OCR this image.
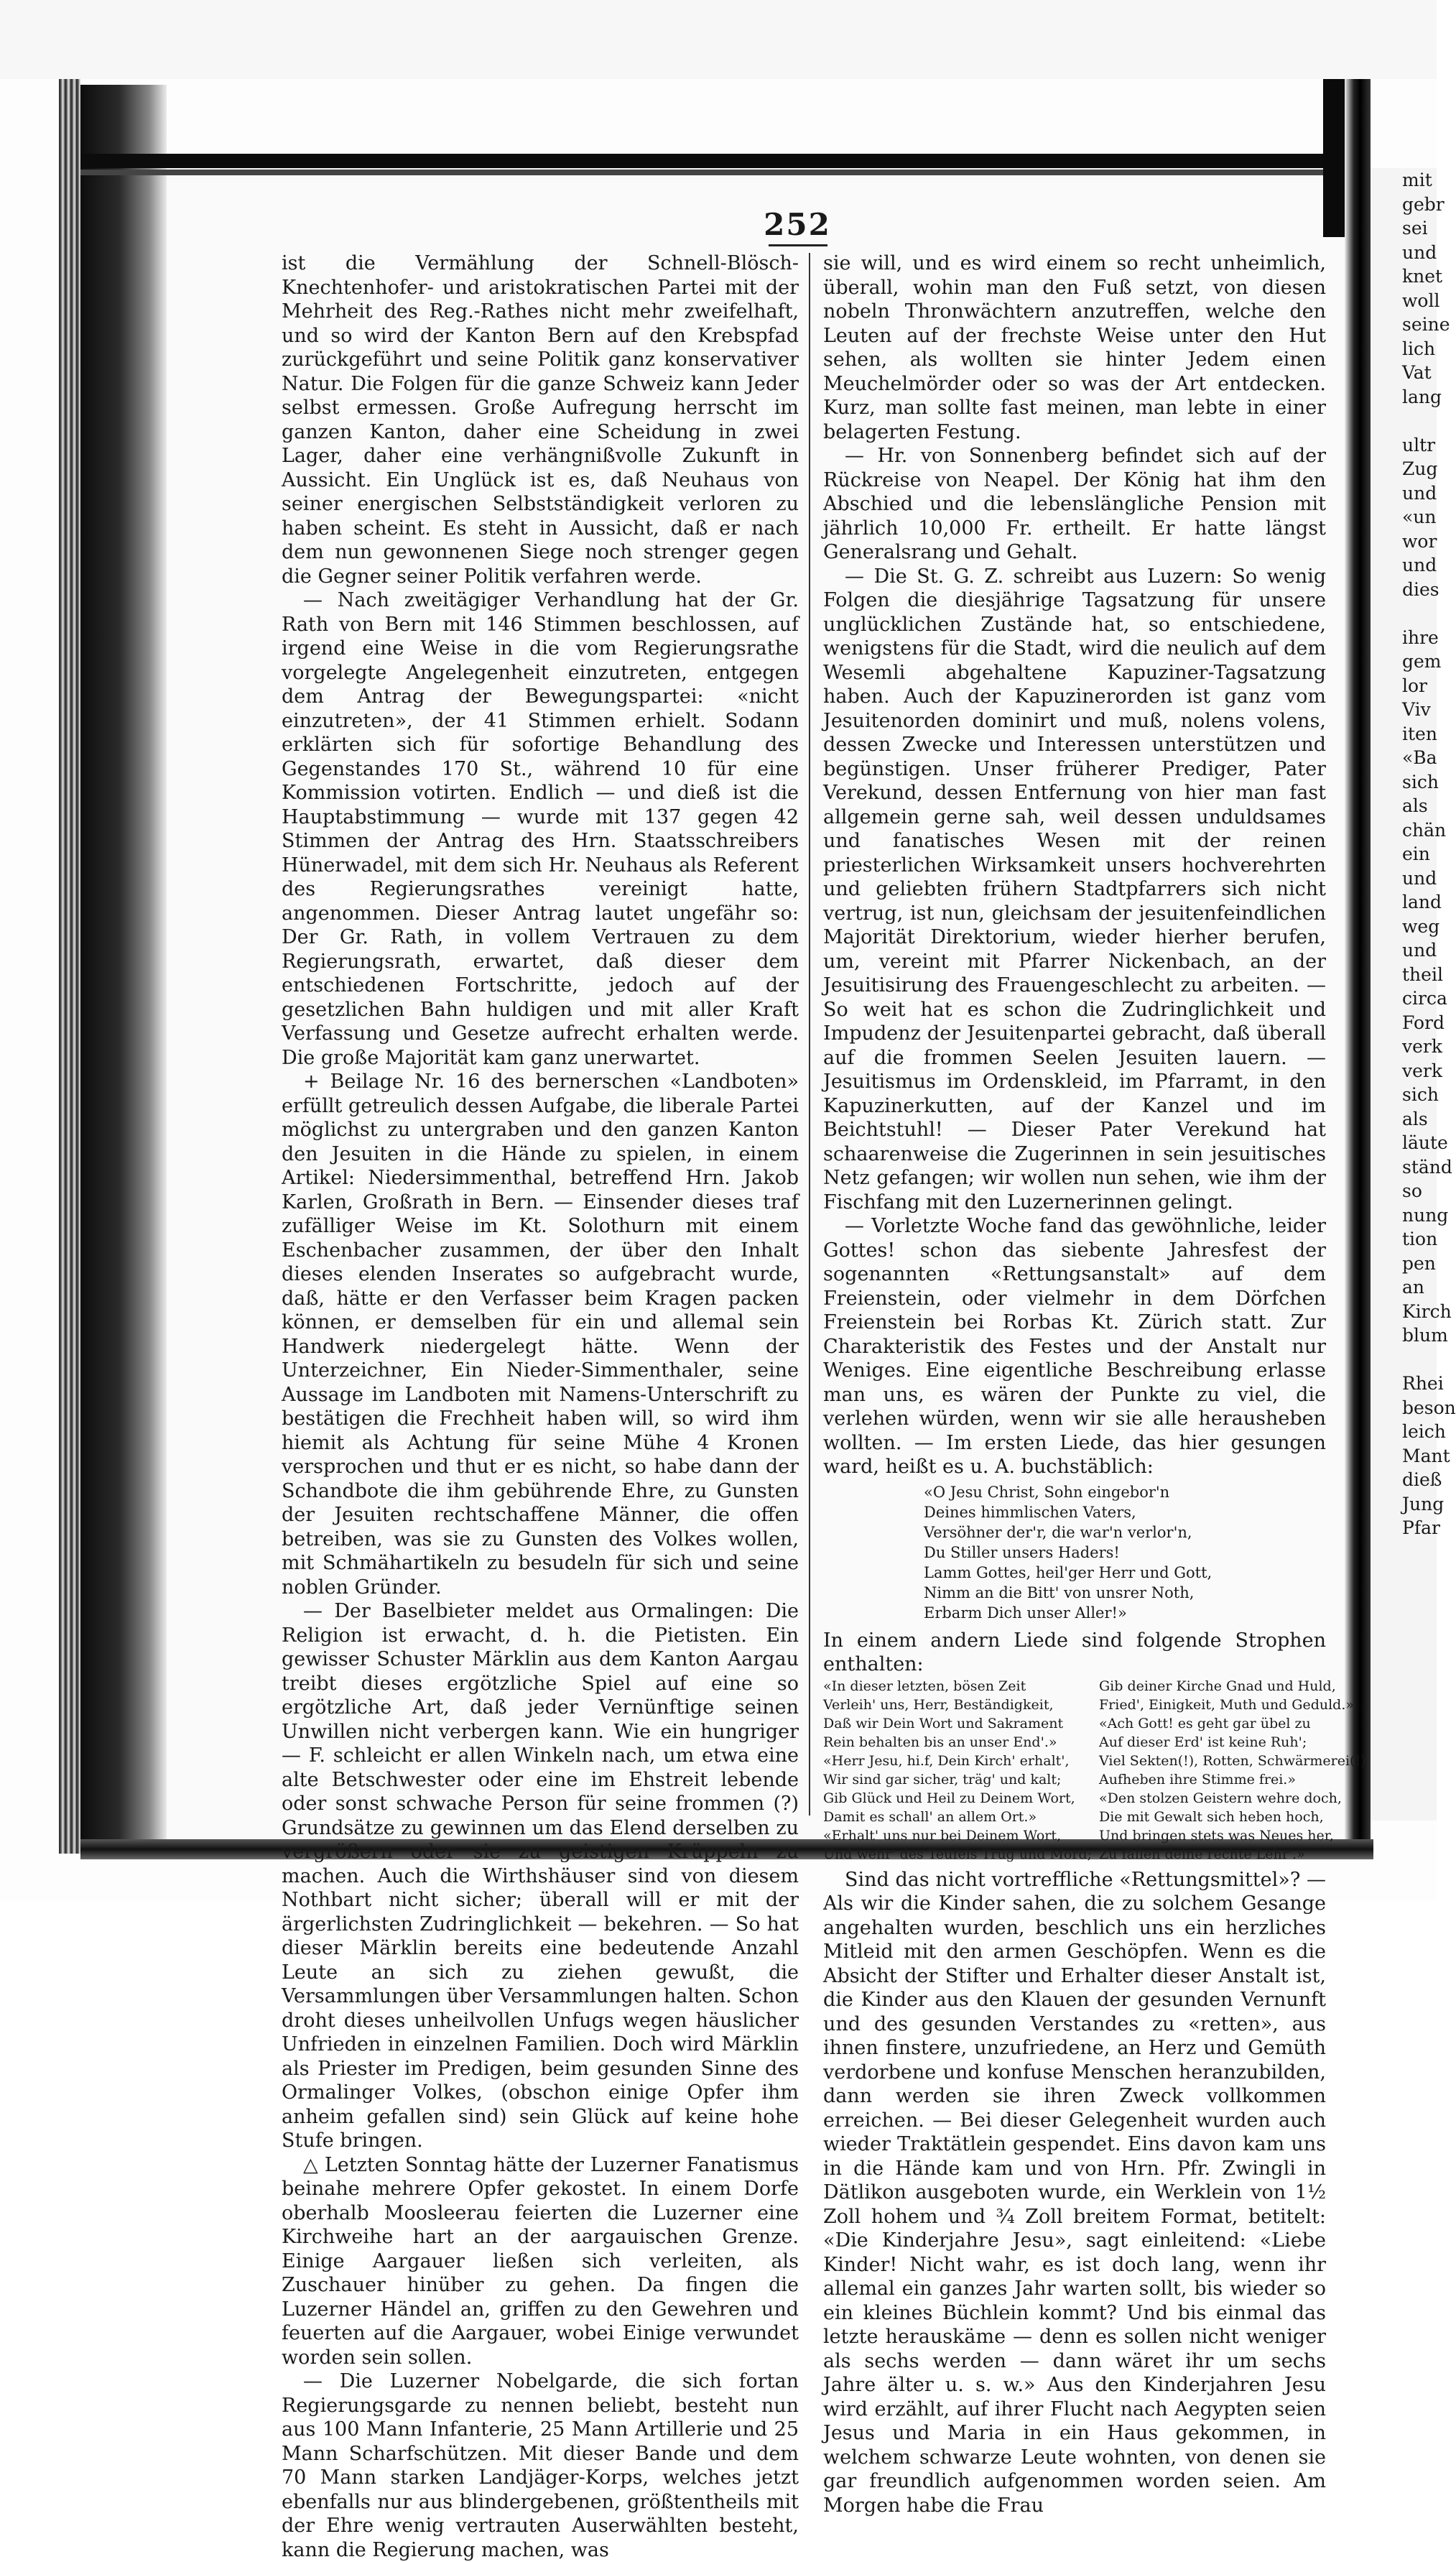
mit
gebr
sei
und
knet
woll
seine
lich
Vat
lang

ultr
Zug
und
«un
wor
und
dies

ihre
gem
lor
Viv
iten
«Ba
sich
als
chän
ein
und
land
weg
und
theil
circa
Ford
verk
verk
sich
als
läute
ständ
so
nung
tion
pen
an
Kirch
blum

Rhei
beson
leich
Mant
dieß
Jung
Pfar
252

ist die Vermählung der Schnell-Blösch-Knechtenhofer- und aristokratischen Partei mit der Mehrheit des Reg.-Rathes nicht mehr zweifelhaft, und so wird der Kanton Bern auf den Krebspfad zurückgeführt und seine Politik ganz konservativer Natur. Die Folgen für die ganze Schweiz kann Jeder selbst ermessen. Große Aufregung herrscht im ganzen Kanton, daher eine Scheidung in zwei Lager, daher eine verhängnißvolle Zukunft in Aussicht. Ein Unglück ist es, daß Neuhaus von seiner energischen Selbstständigkeit verloren zu haben scheint. Es steht in Aussicht, daß er nach dem nun gewonnenen Siege noch strenger gegen die Gegner seiner Politik verfahren werde.

— Nach zweitägiger Verhandlung hat der Gr. Rath von Bern mit 146 Stimmen beschlossen, auf irgend eine Weise in die vom Regierungsrathe vorgelegte Angelegenheit einzutreten, entgegen dem Antrag der Bewegungspartei: «nicht einzutreten», der 41 Stimmen erhielt. Sodann erklärten sich für sofortige Behandlung des Gegenstandes 170 St., während 10 für eine Kommission votirten. Endlich — und dieß ist die Hauptabstimmung — wurde mit 137 gegen 42 Stimmen der Antrag des Hrn. Staatsschreibers Hünerwadel, mit dem sich Hr. Neuhaus als Referent des Regierungsrathes vereinigt hatte, angenommen. Dieser Antrag lautet ungefähr so: Der Gr. Rath, in vollem Vertrauen zu dem Regierungsrath, erwartet, daß dieser dem entschiedenen Fortschritte, jedoch auf der gesetzlichen Bahn huldigen und mit aller Kraft Verfassung und Gesetze aufrecht erhalten werde. Die große Majorität kam ganz unerwartet.

+ Beilage Nr. 16 des bernerschen «Landboten» erfüllt getreulich dessen Aufgabe, die liberale Partei möglichst zu untergraben und den ganzen Kanton den Jesuiten in die Hände zu spielen, in einem Artikel: Niedersimmenthal, betreffend Hrn. Jakob Karlen, Großrath in Bern. — Einsender dieses traf zufälliger Weise im Kt. Solothurn mit einem Eschenbacher zusammen, der über den Inhalt dieses elenden Inserates so aufgebracht wurde, daß, hätte er den Verfasser beim Kragen packen können, er demselben für ein und allemal sein Handwerk niedergelegt hätte. Wenn der Unterzeichner, Ein Nieder-Simmenthaler, seine Aussage im Landboten mit Namens-Unterschrift zu bestätigen die Frechheit haben will, so wird ihm hiemit als Achtung für seine Mühe 4 Kronen versprochen und thut er es nicht, so habe dann der Schandbote die ihm gebührende Ehre, zu Gunsten der Jesuiten rechtschaffene Männer, die offen betreiben, was sie zu Gunsten des Volkes wollen, mit Schmähartikeln zu besudeln für sich und seine noblen Gründer.

— Der Baselbieter meldet aus Ormalingen: Die Religion ist erwacht, d. h. die Pietisten. Ein gewisser Schuster Märklin aus dem Kanton Aargau treibt dieses ergötzliche Spiel auf eine so ergötzliche Art, daß jeder Vernünftige seinen Unwillen nicht verbergen kann. Wie ein hungriger — F. schleicht er allen Winkeln nach, um etwa eine alte Betschwester oder eine im Ehstreit lebende oder sonst schwache Person für seine frommen (?) Grundsätze zu gewinnen um das Elend derselben zu vergrößern oder sie zu geistigen Krüppeln zu machen. Auch die Wirthshäuser sind von diesem Nothbart nicht sicher; überall will er mit der ärgerlichsten Zudringlichkeit — bekehren. — So hat dieser Märklin bereits eine bedeutende Anzahl Leute an sich zu ziehen gewußt, die Versammlungen über Versammlungen halten. Schon droht dieses unheilvollen Unfugs wegen häuslicher Unfrieden in einzelnen Familien. Doch wird Märklin als Priester im Predigen, beim gesunden Sinne des Ormalinger Volkes, (obschon einige Opfer ihm anheim gefallen sind) sein Glück auf keine hohe Stufe bringen.

△ Letzten Sonntag hätte der Luzerner Fanatismus beinahe mehrere Opfer gekostet. In einem Dorfe oberhalb Moosleerau feierten die Luzerner eine Kirchweihe hart an der aargauischen Grenze. Einige Aargauer ließen sich verleiten, als Zuschauer hinüber zu gehen. Da fingen die Luzerner Händel an, griffen zu den Gewehren und feuerten auf die Aargauer, wobei Einige verwundet worden sein sollen.

— Die Luzerner Nobelgarde, die sich fortan Regierungsgarde zu nennen beliebt, besteht nun aus 100 Mann Infanterie, 25 Mann Artillerie und 25 Mann Scharfschützen. Mit dieser Bande und dem 70 Mann starken Landjäger-Korps, welches jetzt ebenfalls nur aus blindergebenen, größtentheils mit der Ehre wenig vertrauten Auserwählten besteht, kann die Regierung machen, was

sie will, und es wird einem so recht unheimlich, überall, wohin man den Fuß setzt, von diesen nobeln Thronwächtern anzutreffen, welche den Leuten auf der frechste Weise unter den Hut sehen, als wollten sie hinter Jedem einen Meuchelmörder oder so was der Art entdecken. Kurz, man sollte fast meinen, man lebte in einer belagerten Festung.

— Hr. von Sonnenberg befindet sich auf der Rückreise von Neapel. Der König hat ihm den Abschied und die lebenslängliche Pension mit jährlich 10,000 Fr. ertheilt. Er hatte längst Generalsrang und Gehalt.

— Die St. G. Z. schreibt aus Luzern: So wenig Folgen die diesjährige Tagsatzung für unsere unglücklichen Zustände hat, so entschiedene, wenigstens für die Stadt, wird die neulich auf dem Wesemli abgehaltene Kapuziner-Tagsatzung haben. Auch der Kapuzinerorden ist ganz vom Jesuitenorden dominirt und muß, nolens volens, dessen Zwecke und Interessen unterstützen und begünstigen. Unser früherer Prediger, Pater Verekund, dessen Entfernung von hier man fast allgemein gerne sah, weil dessen unduldsames und fanatisches Wesen mit der reinen priesterlichen Wirksamkeit unsers hochverehrten und geliebten frühern Stadtpfarrers sich nicht vertrug, ist nun, gleichsam der jesuitenfeindlichen Majorität Direktorium, wieder hierher berufen, um, vereint mit Pfarrer Nickenbach, an der Jesuitisirung des Frauengeschlecht zu arbeiten. — So weit hat es schon die Zudringlichkeit und Impudenz der Jesuitenpartei gebracht, daß überall auf die frommen Seelen Jesuiten lauern. — Jesuitismus im Ordenskleid, im Pfarramt, in den Kapuzinerkutten, auf der Kanzel und im Beichtstuhl! — Dieser Pater Verekund hat schaarenweise die Zugerinnen in sein jesuitisches Netz gefangen; wir wollen nun sehen, wie ihm der Fischfang mit den Luzernerinnen gelingt.

— Vorletzte Woche fand das gewöhnliche, leider Gottes! schon das siebente Jahresfest der sogenannten «Rettungsanstalt» auf dem Freienstein, oder vielmehr in dem Dörfchen Freienstein bei Rorbas Kt. Zürich statt. Zur Charakteristik des Festes und der Anstalt nur Weniges. Eine eigentliche Beschreibung erlasse man uns, es wären der Punkte zu viel, die verlehen würden, wenn wir sie alle herausheben wollten. — Im ersten Liede, das hier gesungen ward, heißt es u. A. buchstäblich:

«O Jesu Christ, Sohn eingebor'n
Deines himmlischen Vaters,
Versöhner der'r, die war'n verlor'n,
Du Stiller unsers Haders!
Lamm Gottes, heil'ger Herr und Gott,
Nimm an die Bitt' von unsrer Noth,
Erbarm Dich unser Aller!»

In einem andern Liede sind folgende Strophen enthalten:

«In dieser letzten, bösen Zeit	Gib deiner Kirche Gnad und Huld,
Verleih' uns, Herr, Beständigkeit,	Fried', Einigkeit, Muth und Geduld.»
Daß wir Dein Wort und Sakrament	«Ach Gott! es geht gar übel zu
Rein behalten bis an unser End'.»	Auf dieser Erd' ist keine Ruh';
«Herr Jesu, hi.f, Dein Kirch' erhalt',	Viel Sekten(!), Rotten, Schwärmerei(!)
Wir sind gar sicher, träg' und kalt;	Aufheben ihre Stimme frei.»
Gib Glück und Heil zu Deinem Wort,	«Den stolzen Geistern wehre doch,
Damit es schall' an allem Ort.»	Die mit Gewalt sich heben hoch,
«Erhalt' uns nur bei Deinem Wort,	Und bringen stets was Neues her,
Und wehr' des Teufels Trug und Mord; Zu fällen deine rechte Lehr'.»

Sind das nicht vortreffliche «Rettungsmittel»? — Als wir die Kinder sahen, die zu solchem Gesange angehalten wurden, beschlich uns ein herzliches Mitleid mit den armen Geschöpfen. Wenn es die Absicht der Stifter und Erhalter dieser Anstalt ist, die Kinder aus den Klauen der gesunden Vernunft und des gesunden Verstandes zu «retten», aus ihnen finstere, unzufriedene, an Herz und Gemüth verdorbene und konfuse Menschen heranzubilden, dann werden sie ihren Zweck vollkommen erreichen. — Bei dieser Gelegenheit wurden auch wieder Traktätlein gespendet. Eins davon kam uns in die Hände kam und von Hrn. Pfr. Zwingli in Dätlikon ausgeboten wurde, ein Werklein von 1½ Zoll hohem und ¾ Zoll breitem Format, betitelt: «Die Kinderjahre Jesu», sagt einleitend: «Liebe Kinder! Nicht wahr, es ist doch lang, wenn ihr allemal ein ganzes Jahr warten sollt, bis wieder so ein kleines Büchlein kommt? Und bis einmal das letzte herauskäme — denn es sollen nicht weniger als sechs werden — dann wäret ihr um sechs Jahre älter u. s. w.» Aus den Kinderjahren Jesu wird erzählt, auf ihrer Flucht nach Aegypten seien Jesus und Maria in ein Haus gekommen, in welchem schwarze Leute wohnten, von denen sie gar freundlich aufgenommen worden seien. Am Morgen habe die Frau
